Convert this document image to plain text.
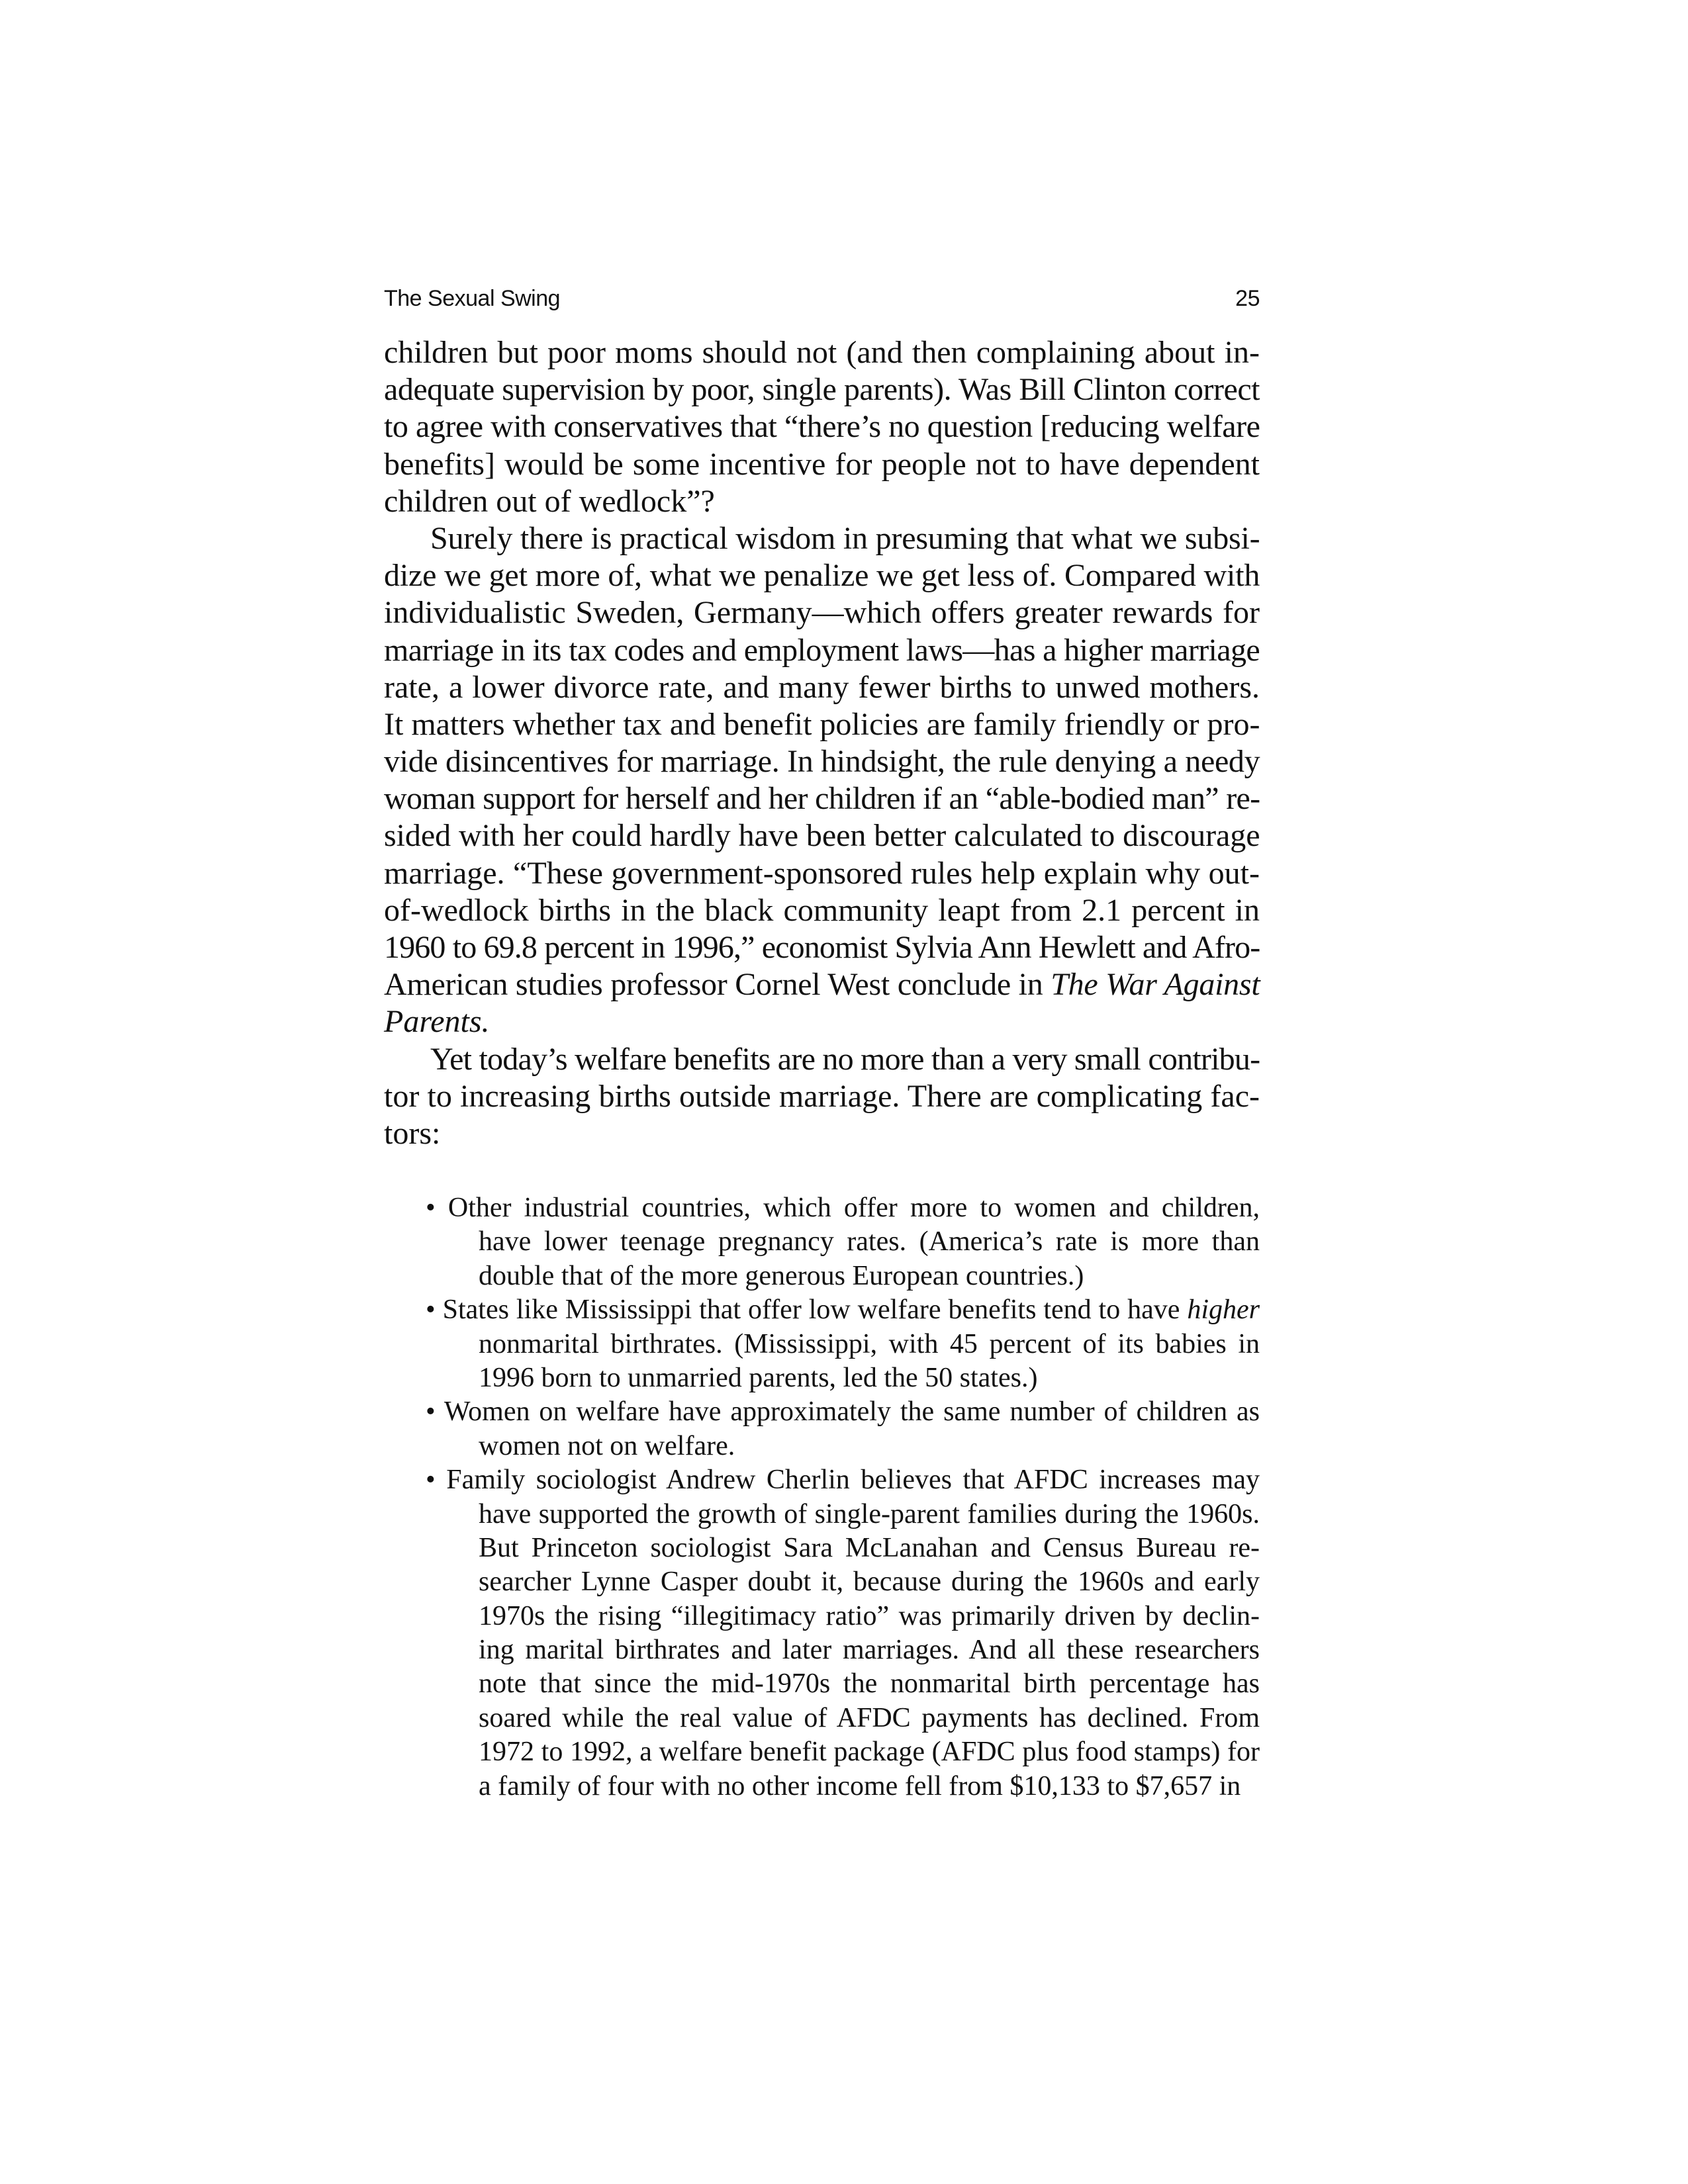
The Sexual Swing	25
children but poor moms should not (and then complaining about in-
adequate supervision by poor, single parents). Was Bill Clinton correct
to agree with conservatives that “there’s no question [reducing welfare
benefits] would be some incentive for people not to have dependent
children out of wedlock”?
Surely there is practical wisdom in presuming that what we subsi-
dize we get more of, what we penalize we get less of. Compared with
individualistic Sweden, Germany—which offers greater rewards for
marriage in its tax codes and employment laws—has a higher marriage
rate, a lower divorce rate, and many fewer births to unwed mothers.
It matters whether tax and benefit policies are family friendly or pro-
vide disincentives for marriage. In hindsight, the rule denying a needy
woman support for herself and her children if an “able-bodied man” re-
sided with her could hardly have been better calculated to discourage
marriage. “These government-sponsored rules help explain why out-
of-wedlock births in the black community leapt from 2.1 percent in
1960 to 69.8 percent in 1996,” economist Sylvia Ann Hewlett and Afro-
American studies professor Cornel West conclude in The War Against
Parents.
Yet today’s welfare benefits are no more than a very small contribu-
tor to increasing births outside marriage. There are complicating fac-
tors:
• Other industrial countries, which offer more to women and children,
have lower teenage pregnancy rates. (America’s rate is more than
double that of the more generous European countries.)
• States like Mississippi that offer low welfare benefits tend to have higher
nonmarital birthrates. (Mississippi, with 45 percent of its babies in
1996 born to unmarried parents, led the 50 states.)
• Women on welfare have approximately the same number of children as
women not on welfare.
• Family sociologist Andrew Cherlin believes that AFDC increases may
have supported the growth of single-parent families during the 1960s.
But Princeton sociologist Sara McLanahan and Census Bureau re-
searcher Lynne Casper doubt it, because during the 1960s and early
1970s the rising “illegitimacy ratio” was primarily driven by declin-
ing marital birthrates and later marriages. And all these researchers
note that since the mid-1970s the nonmarital birth percentage has
soared while the real value of AFDC payments has declined. From
1972 to 1992, a welfare benefit package (AFDC plus food stamps) for
a family of four with no other income fell from $10,133 to $7,657 in
